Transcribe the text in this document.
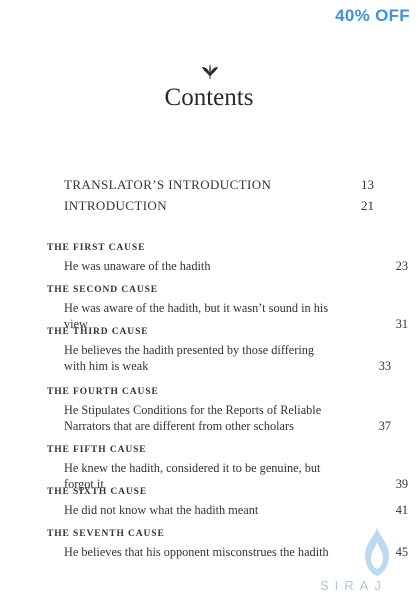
40% OFF
Contents
TRANSLATOR’S INTRODUCTION	13
INTRODUCTION	21
THE FIRST CAUSE
He was unaware of the hadith	23
THE SECOND CAUSE
He was aware of the hadith, but it wasn’t sound in his view	31
THE THIRD CAUSE
He believes the hadith presented by those differing with him is weak	33
THE FOURTH CAUSE
He Stipulates Conditions for the Reports of Reliable Narrators that are different from other scholars	37
THE FIFTH CAUSE
He knew the hadith, considered it to be genuine, but forgot it	39
THE SIXTH CAUSE
He did not know what the hadith meant	41
THE SEVENTH CAUSE
He believes that his opponent misconstrues the hadith	45
SIRAJ
